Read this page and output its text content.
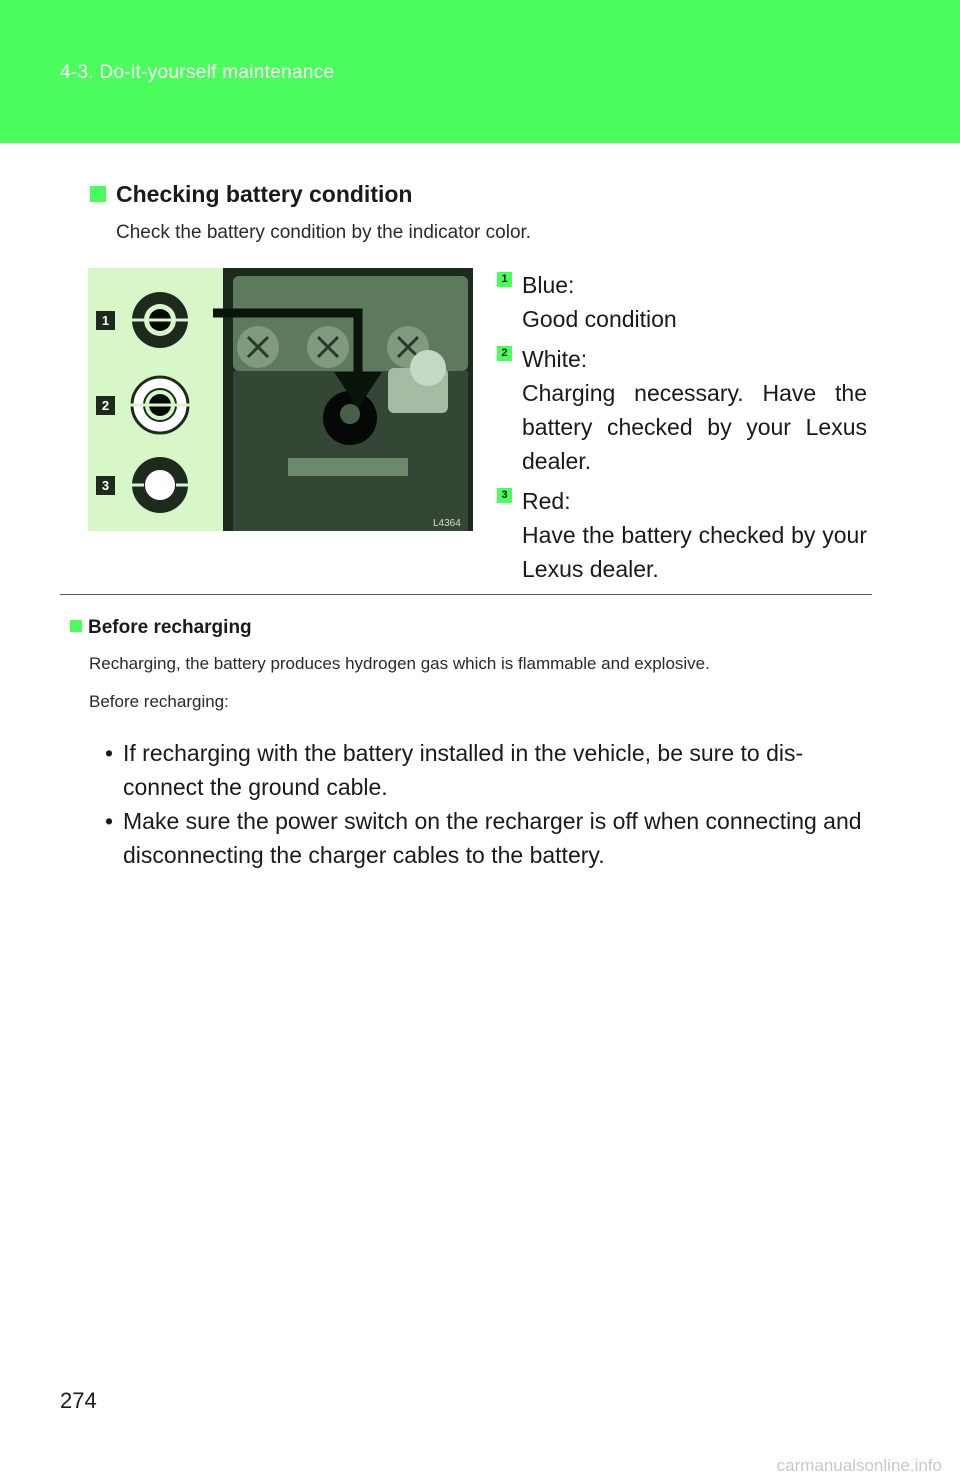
4-3. Do-it-yourself maintenance
Checking battery condition
Check the battery condition by the indicator color.
L4364
1
2
3
1 Blue:
Good condition
2 White:
Charging necessary. Have the battery checked by your Lexus dealer.
3 Red:
Have the battery checked by your Lexus dealer.
Before recharging
Recharging, the battery produces hydrogen gas which is flammable and explosive.
Before recharging:
• If recharging with the battery installed in the vehicle, be sure to dis-connect the ground cable.
• Make sure the power switch on the recharger is off when connecting and disconnecting the charger cables to the battery.
274
carmanualsonline.info
